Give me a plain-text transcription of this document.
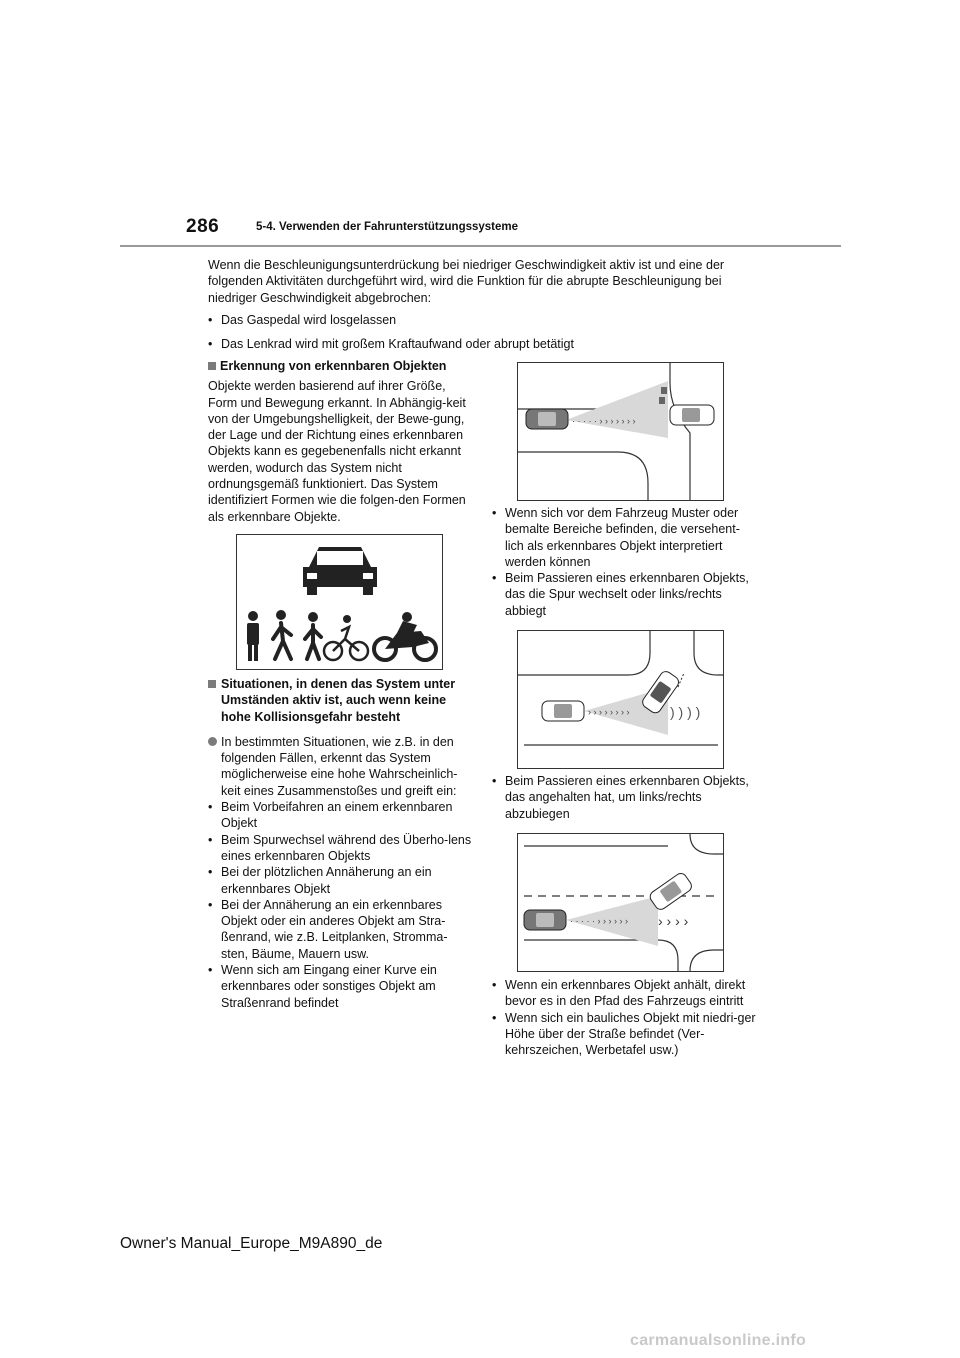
286	5-4. Verwenden der Fahrunterstützungssysteme
Wenn die Beschleunigungsunterdrückung bei niedriger Geschwindigkeit aktiv ist und eine der folgenden Aktivitäten durchgeführt wird, wird die Funktion für die abrupte Beschleunigung bei niedriger Geschwindigkeit abgebrochen:
• Das Gaspedal wird losgelassen
• Das Lenkrad wird mit großem Kraftaufwand oder abrupt betätigt
Erkennung von erkennbaren Objekten
Objekte werden basierend auf ihrer Größe, Form und Bewegung erkannt. In Abhängig-keit von der Umgebungshelligkeit, der Bewe-gung, der Lage und der Richtung eines erkennbaren Objekts kann es gegebenenfalls nicht erkannt werden, wodurch das System nicht ordnungsgemäß funktioniert. Das System identifiziert Formen wie die folgen-den Formen als erkennbare Objekte.
Situationen, in denen das System unter Umständen aktiv ist, auch wenn keine hohe Kollisionsgefahr besteht
In bestimmten Situationen, wie z.B. in den folgenden Fällen, erkennt das System möglicherweise eine hohe Wahrscheinlich-keit eines Zusammenstoßes und greift ein:
• Beim Vorbeifahren an einem erkennbaren Objekt
• Beim Spurwechsel während des Überho-lens eines erkennbaren Objekts
• Bei der plötzlichen Annäherung an ein erkennbares Objekt
• Bei der Annäherung an ein erkennbares Objekt oder ein anderes Objekt am Stra-ßenrand, wie z.B. Leitplanken, Stromma-sten, Bäume, Mauern usw.
• Wenn sich am Eingang einer Kurve ein erkennbares oder sonstiges Objekt am Straßenrand befindet
· · · · · › › › › › › ›
• Wenn sich vor dem Fahrzeug Muster oder bemalte Bereiche befinden, die versehent-lich als erkennbares Objekt interpretiert werden können
• Beim Passieren eines erkennbaren Objekts, das die Spur wechselt oder links/rechts abbiegt
› › › › › › › ›	) ) ) )
• Beim Passieren eines erkennbaren Objekts, das angehalten hat, um links/rechts abzubiegen
· · · · · › › › › › › › › › ›
• Wenn ein erkennbares Objekt anhält, direkt bevor es in den Pfad des Fahrzeugs eintritt
• Wenn sich ein bauliches Objekt mit niedri-ger Höhe über der Straße befindet (Ver-kehrszeichen, Werbetafel usw.)
Owner's Manual_Europe_M9A890_de
carmanualsonline.info
